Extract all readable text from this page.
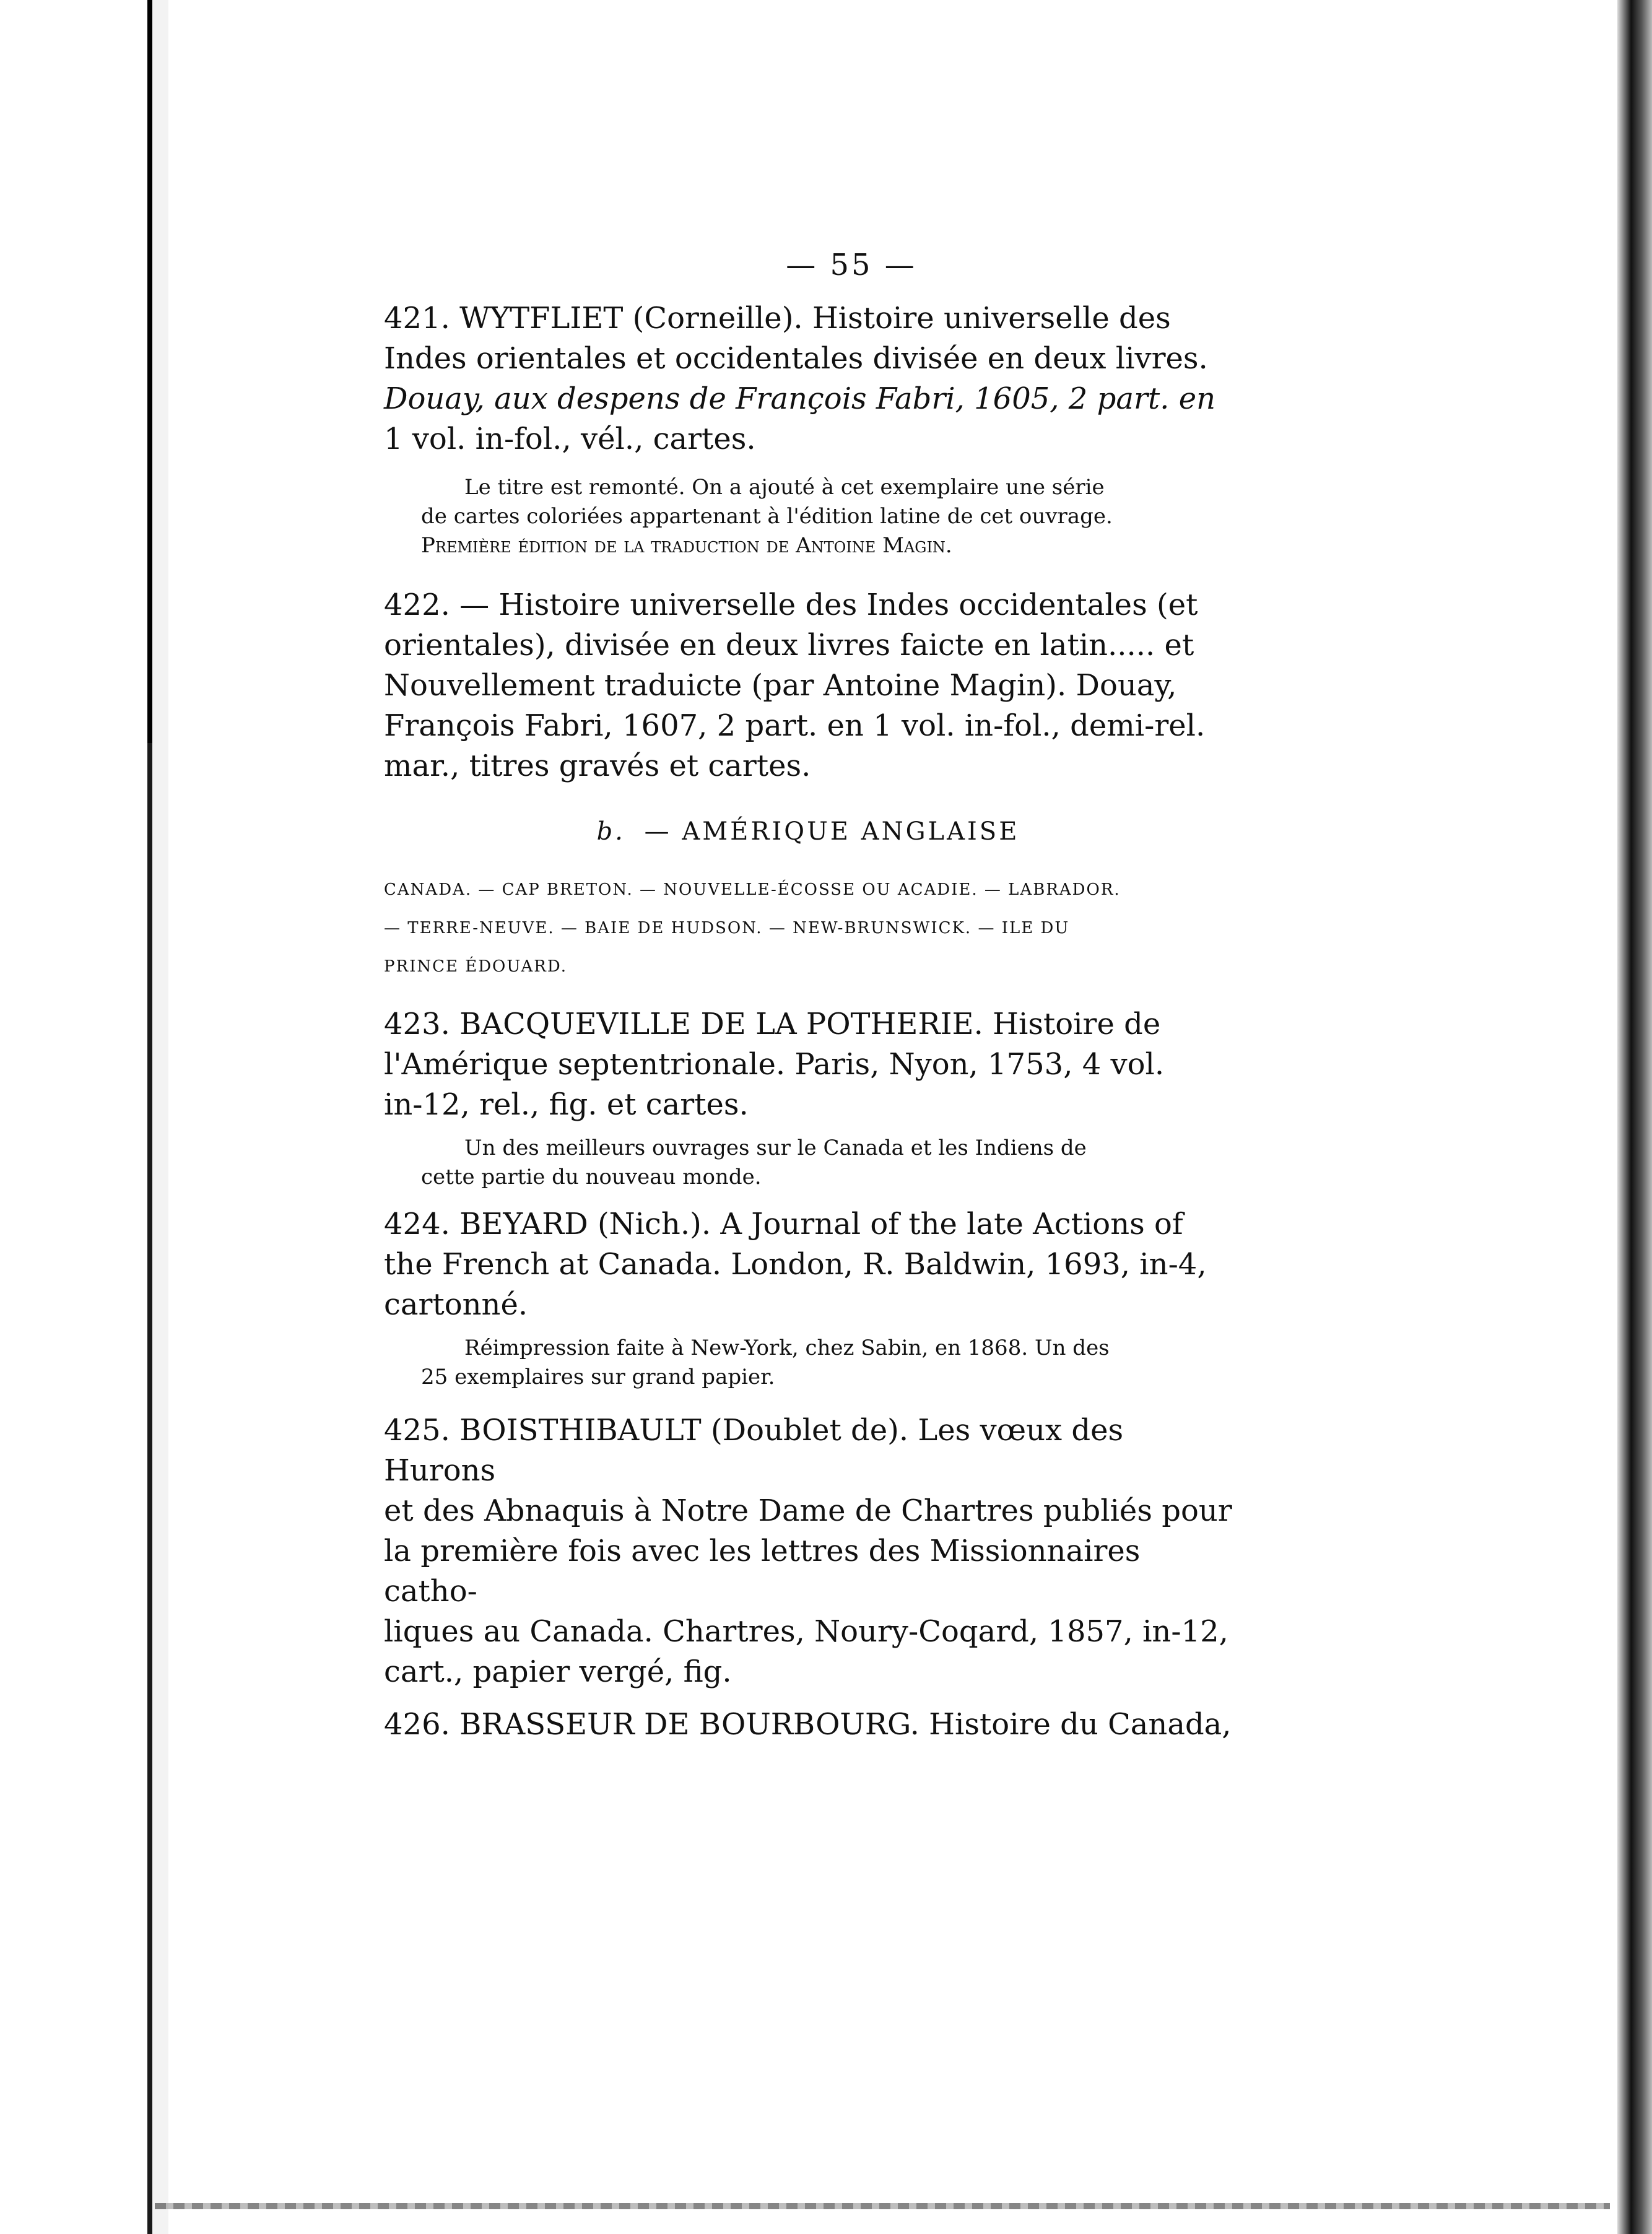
— 55 —

421. WYTFLIET (Corneille). Histoire universelle des

Indes orientales et occidentales divisée en deux livres.

Douay, aux despens de François Fabri, 1605, 2 part. en

1 vol. in-fol., vél., cartes.

Le titre est remonté. On a ajouté à cet exemplaire une série

de cartes coloriées appartenant à l'édition latine de cet ouvrage.
Première édition de la traduction de Antoine Magin.

422. — Histoire universelle des Indes occidentales (et

orientales), divisée en deux livres faicte en latin..... et

Nouvellement traduicte (par Antoine Magin). Douay,

François Fabri, 1607, 2 part. en 1 vol. in-fol., demi-rel.

mar., titres gravés et cartes.

b. — AMÉRIQUE ANGLAISE

CANADA. — CAP BRETON. — NOUVELLE-ÉCOSSE OU ACADIE. — LABRADOR.
— TERRE-NEUVE. — BAIE DE HUDSON. — NEW-BRUNSWICK. — ILE DU
PRINCE ÉDOUARD.

423. BACQUEVILLE DE LA POTHERIE. Histoire de

l'Amérique septentrionale. Paris, Nyon, 1753, 4 vol.

in-12, rel., fig. et cartes.

Un des meilleurs ouvrages sur le Canada et les Indiens de

cette partie du nouveau monde.

424. BEYARD (Nich.). A Journal of the late Actions of

the French at Canada. London, R. Baldwin, 1693, in-4,

cartonné.

Réimpression faite à New-York, chez Sabin, en 1868. Un des

25 exemplaires sur grand papier.

425. BOISTHIBAULT (Doublet de). Les vœux des Hurons

et des Abnaquis à Notre Dame de Chartres publiés pour

la première fois avec les lettres des Missionnaires catho-

liques au Canada. Chartres, Noury-Coqard, 1857, in-12,

cart., papier vergé, fig.

426. BRASSEUR DE BOURBOURG. Histoire du Canada,
